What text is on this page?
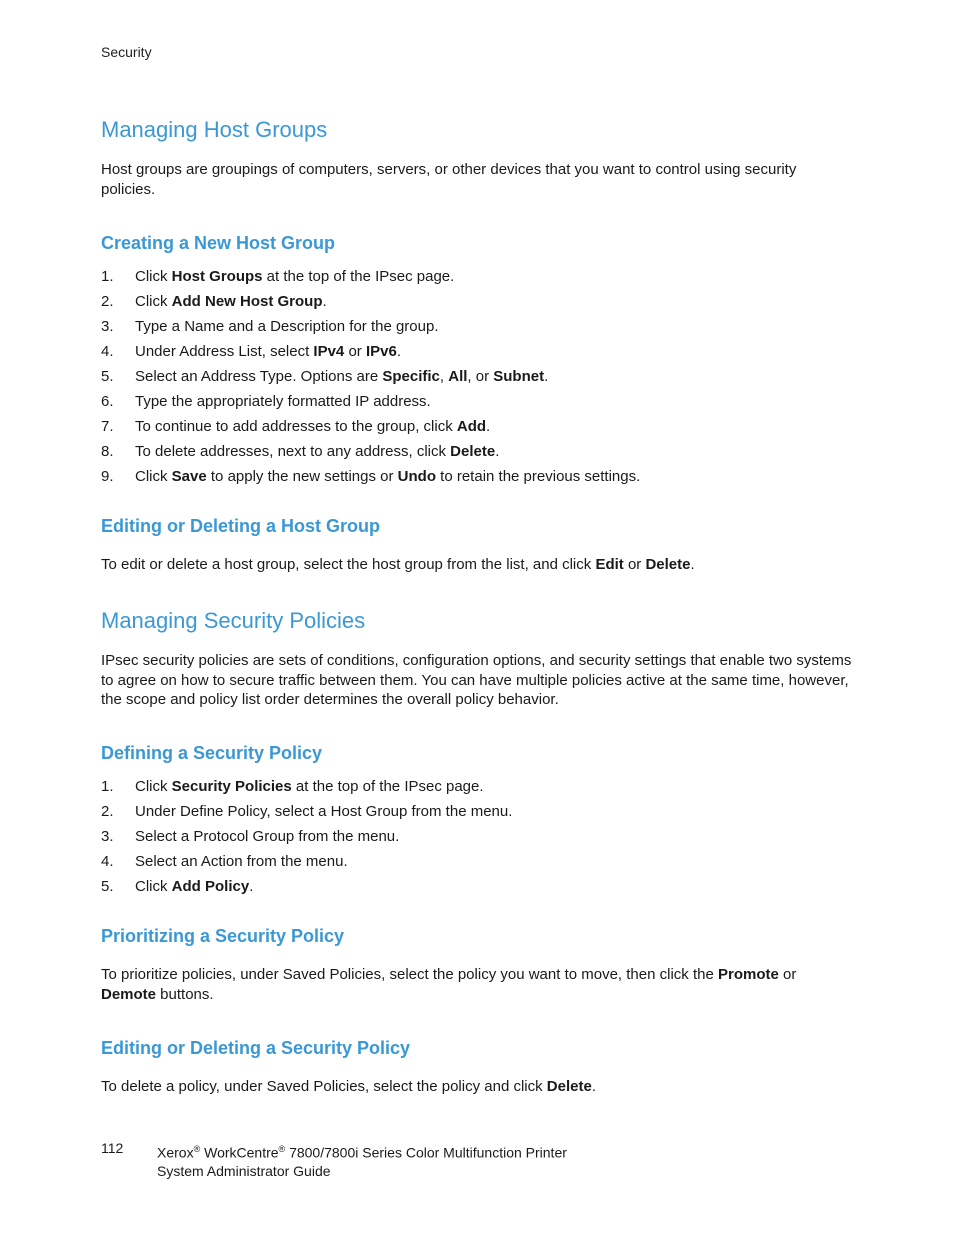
Security
Managing Host Groups

Host groups are groupings of computers, servers, or other devices that you want to control using security policies.

Creating a New Host Group
1.	Click Host Groups at the top of the IPsec page.
2.	Click Add New Host Group.
3.	Type a Name and a Description for the group.
4.	Under Address List, select IPv4 or IPv6.
5.	Select an Address Type. Options are Specific, All, or Subnet.
6.	Type the appropriately formatted IP address.
7.	To continue to add addresses to the group, click Add.
8.	To delete addresses, next to any address, click Delete.
9.	Click Save to apply the new settings or Undo to retain the previous settings.
Editing or Deleting a Host Group

To edit or delete a host group, select the host group from the list, and click Edit or Delete.

Managing Security Policies

IPsec security policies are sets of conditions, configuration options, and security settings that enable two systems to agree on how to secure traffic between them. You can have multiple policies active at the same time, however, the scope and policy list order determines the overall policy behavior.

Defining a Security Policy
1.	Click Security Policies at the top of the IPsec page.
2.	Under Define Policy, select a Host Group from the menu.
3.	Select a Protocol Group from the menu.
4.	Select an Action from the menu.
5.	Click Add Policy.
Prioritizing a Security Policy

To prioritize policies, under Saved Policies, select the policy you want to move, then click the Promote or Demote buttons.

Editing or Deleting a Security Policy

To delete a policy, under Saved Policies, select the policy and click Delete.

112 Xerox® WorkCentre® 7800/7800i Series Color Multifunction Printer
System Administrator Guide
